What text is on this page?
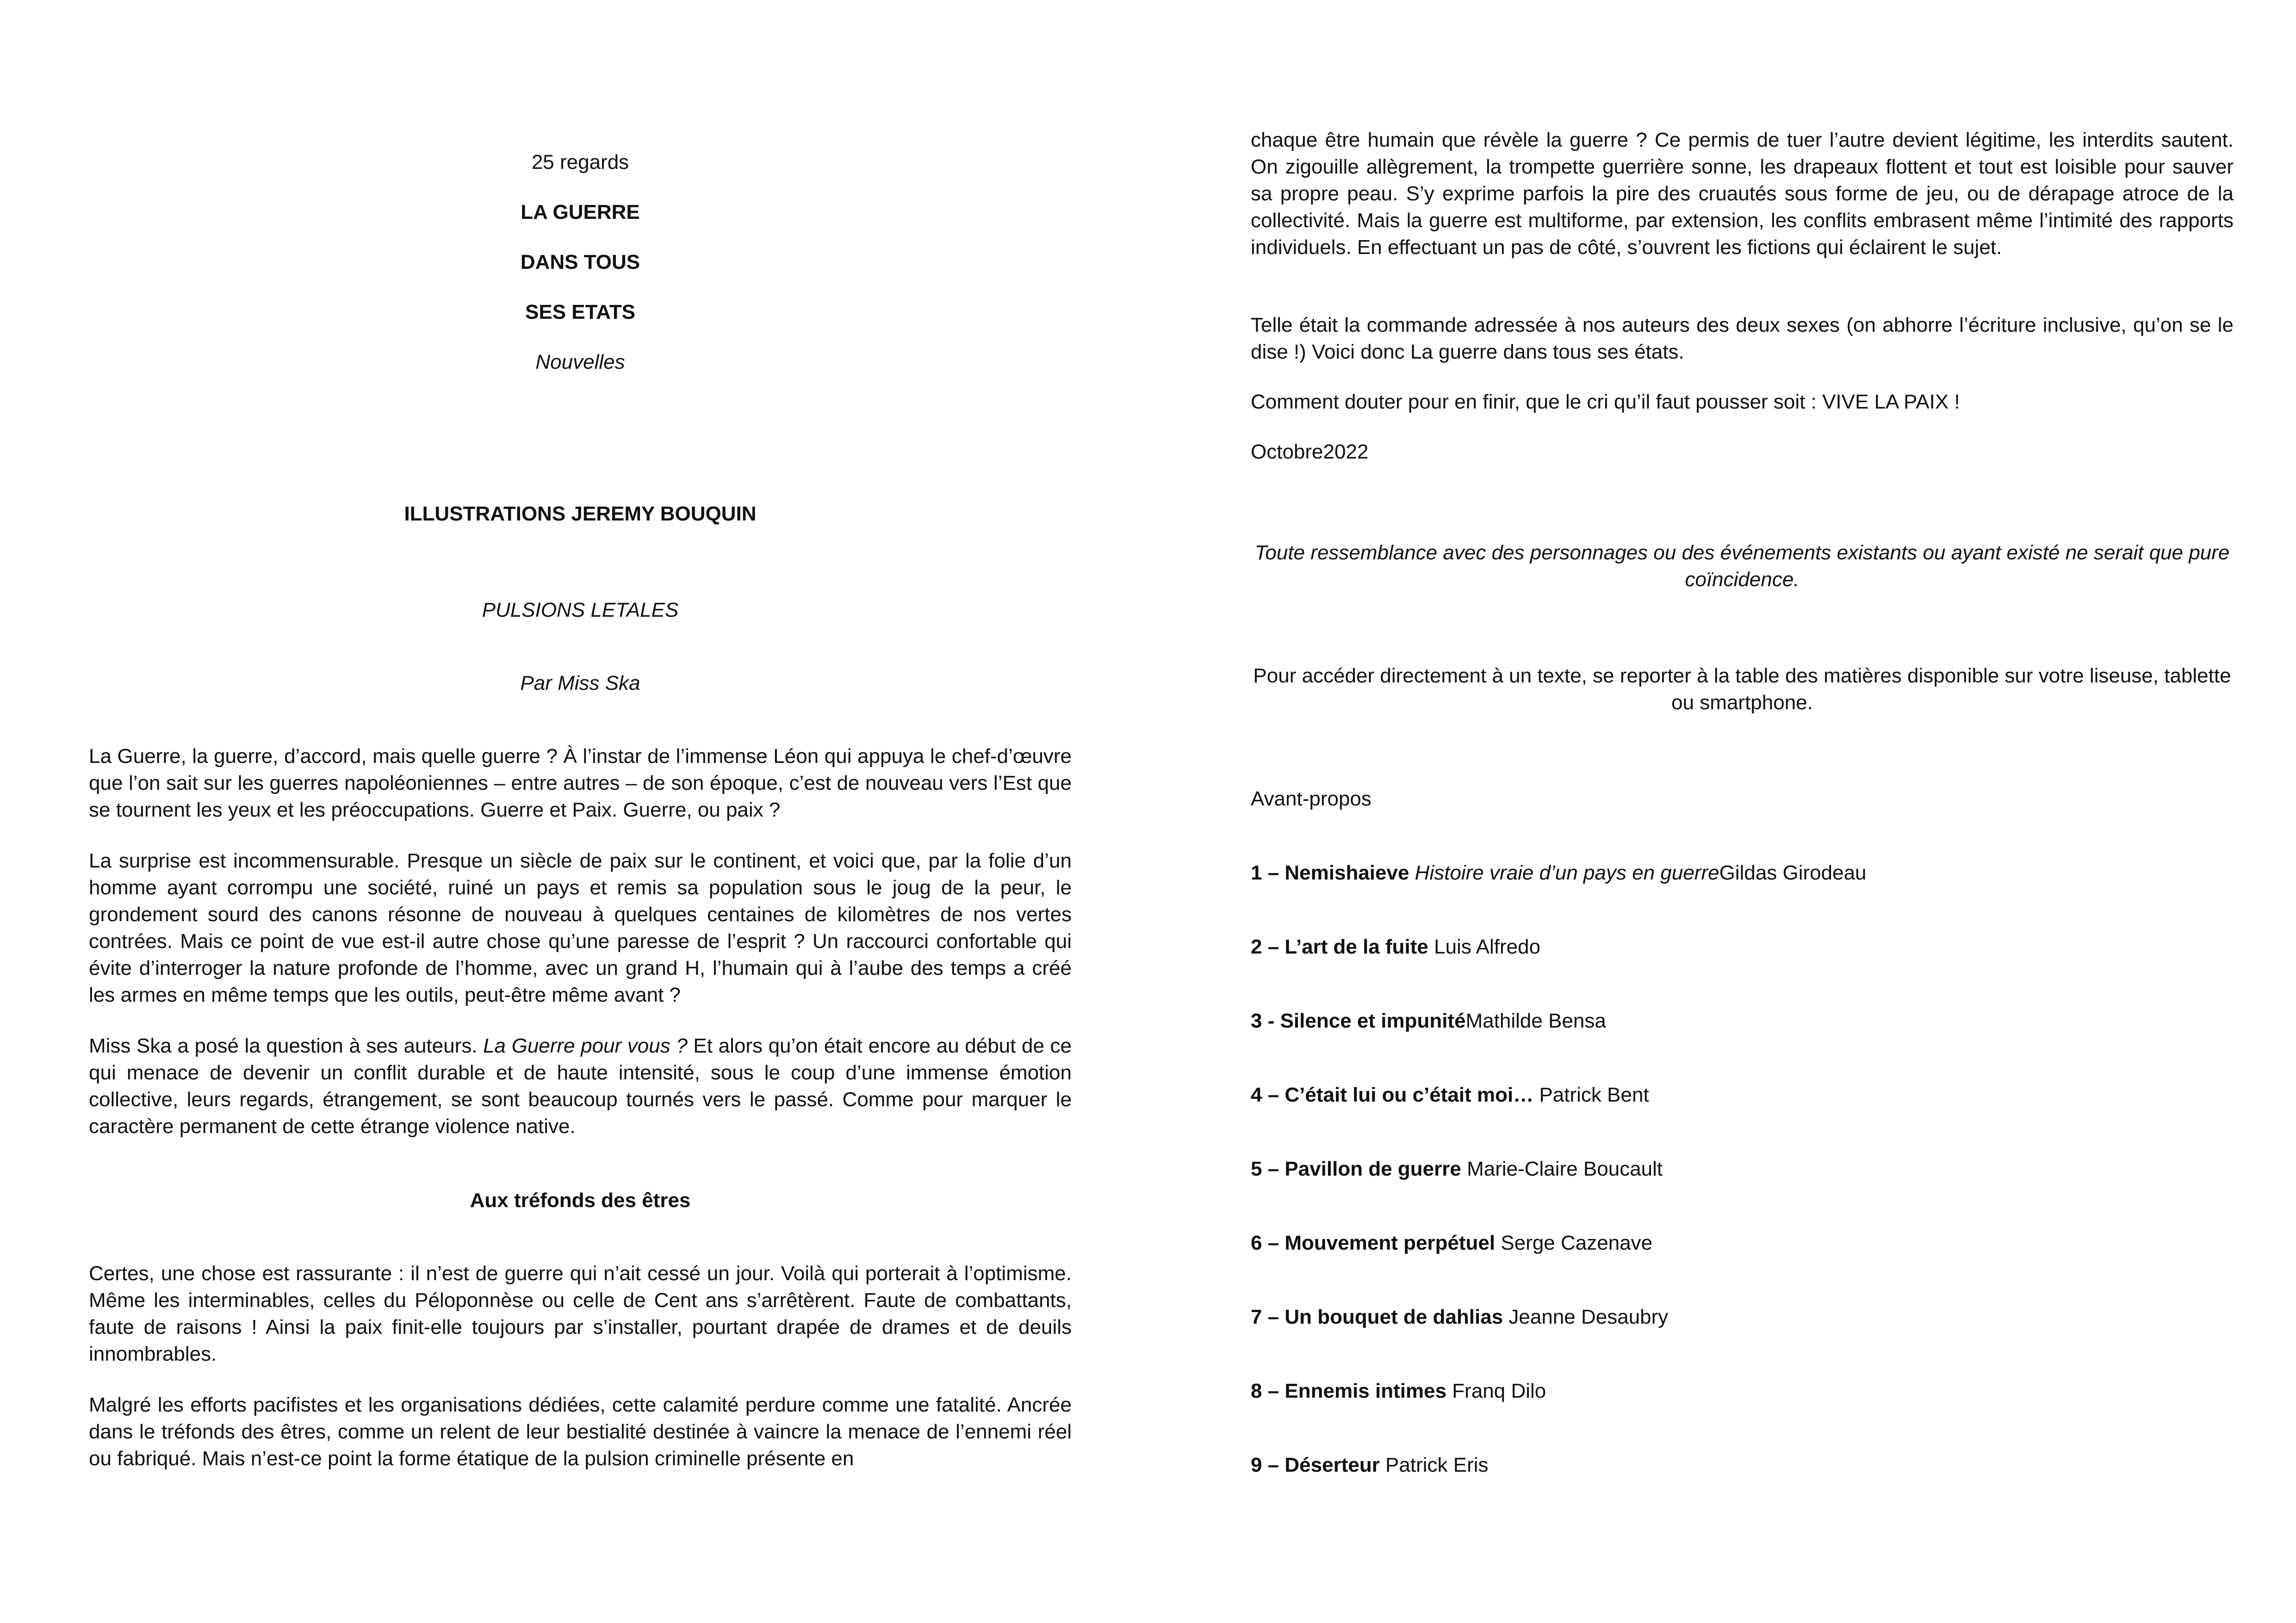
25 regards

LA GUERRE

DANS TOUS

SES ETATS

Nouvelles

ILLUSTRATIONS JEREMY BOUQUIN

PULSIONS LETALES

Par Miss Ska

La Guerre, la guerre, d’accord, mais quelle guerre ? À l’instar de l’immense Léon qui appuya le chef-d’œuvre que l’on sait sur les guerres napoléoniennes – entre autres – de son époque, c’est de nouveau vers l’Est que se tournent les yeux et les préoccupations. Guerre et Paix. Guerre, ou paix ?

La surprise est incommensurable. Presque un siècle de paix sur le continent, et voici que, par la folie d’un homme ayant corrompu une société, ruiné un pays et remis sa population sous le joug de la peur, le grondement sourd des canons résonne de nouveau à quelques centaines de kilomètres de nos vertes contrées. Mais ce point de vue est-il autre chose qu’une paresse de l’esprit ? Un raccourci confortable qui évite d’interroger la nature profonde de l’homme, avec un grand H, l’humain qui à l’aube des temps a créé les armes en même temps que les outils, peut-être même avant ?

Miss Ska a posé la question à ses auteurs. La Guerre pour vous ? Et alors qu’on était encore au début de ce qui menace de devenir un conflit durable et de haute intensité, sous le coup d’une immense émotion collective, leurs regards, étrangement, se sont beaucoup tournés vers le passé. Comme pour marquer le caractère permanent de cette étrange violence native.

Aux tréfonds des êtres

Certes, une chose est rassurante : il n’est de guerre qui n’ait cessé un jour. Voilà qui porterait à l’optimisme. Même les interminables, celles du Péloponnèse ou celle de Cent ans s’arrêtèrent. Faute de combattants, faute de raisons ! Ainsi la paix finit-elle toujours par s’installer, pourtant drapée de drames et de deuils innombrables.

Malgré les efforts pacifistes et les organisations dédiées, cette calamité perdure comme une fatalité. Ancrée dans le tréfonds des êtres, comme un relent de leur bestialité destinée à vaincre la menace de l’ennemi réel ou fabriqué. Mais n’est-ce point la forme étatique de la pulsion criminelle présente en

chaque être humain que révèle la guerre ? Ce permis de tuer l’autre devient légitime, les interdits sautent. On zigouille allègrement, la trompette guerrière sonne, les drapeaux flottent et tout est loisible pour sauver sa propre peau. S’y exprime parfois la pire des cruautés sous forme de jeu, ou de dérapage atroce de la collectivité. Mais la guerre est multiforme, par extension, les conflits embrasent même l’intimité des rapports individuels. En effectuant un pas de côté, s’ouvrent les fictions qui éclairent le sujet.

Telle était la commande adressée à nos auteurs des deux sexes (on abhorre l’écriture inclusive, qu’on se le dise !) Voici donc La guerre dans tous ses états.

Comment douter pour en finir, que le cri qu’il faut pousser soit : VIVE LA PAIX !

Octobre2022

Toute ressemblance avec des personnages ou des événements existants ou ayant existé ne serait que pure coïncidence.

Pour accéder directement à un texte, se reporter à la table des matières disponible sur votre liseuse, tablette ou smartphone.

Avant-propos

1 – Nemishaieve Histoire vraie d’un pays en guerreGildas Girodeau

2 – L’art de la fuite Luis Alfredo

3 - Silence et impunitéMathilde Bensa

4 – C’était lui ou c’était moi… Patrick Bent

5 – Pavillon de guerre Marie-Claire Boucault

6 – Mouvement perpétuel Serge Cazenave

7 – Un bouquet de dahlias Jeanne Desaubry

8 – Ennemis intimes Franq Dilo

9 – Déserteur Patrick Eris
